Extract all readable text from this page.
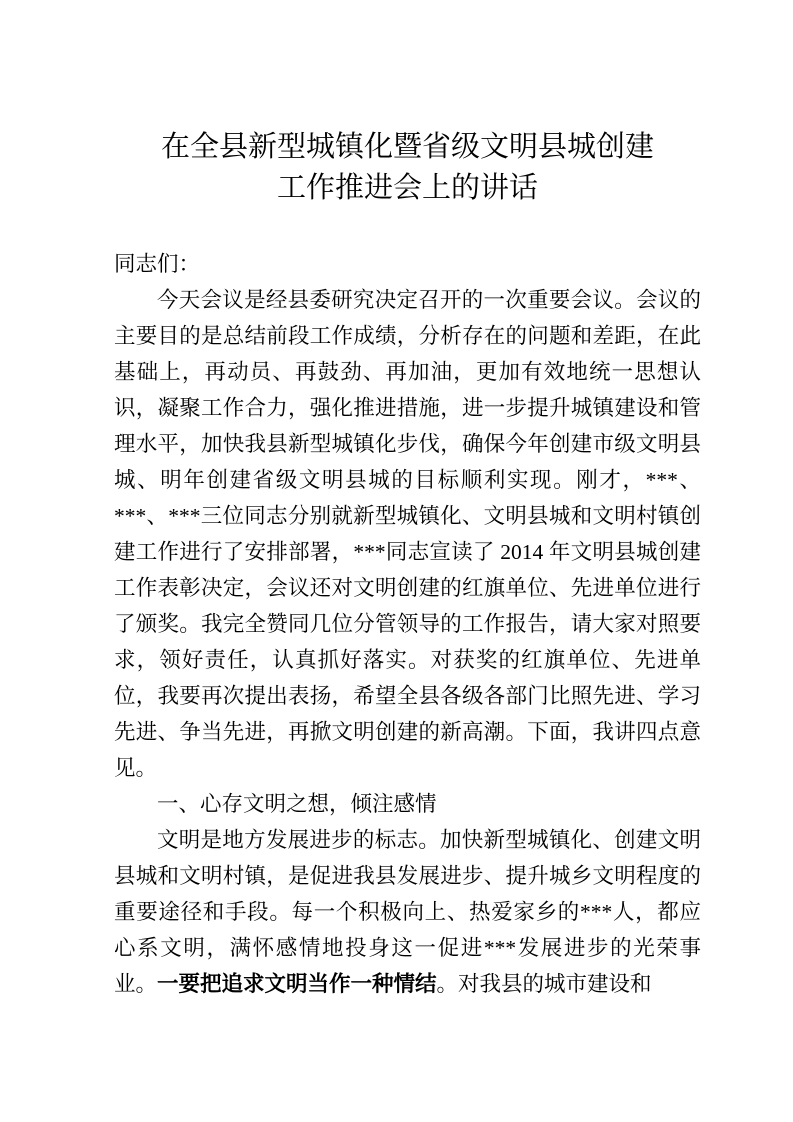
在全县新型城镇化暨省级文明县城创建
工作推进会上的讲话

同志们：

今天会议是经县委研究决定召开的一次重要会议。会议的主要目的是总结前段工作成绩，分析存在的问题和差距，在此基础上，再动员、再鼓劲、再加油，更加有效地统一思想认识，凝聚工作合力，强化推进措施，进一步提升城镇建设和管理水平，加快我县新型城镇化步伐，确保今年创建市级文明县城、明年创建省级文明县城的目标顺利实现。刚才，***、***、***三位同志分别就新型城镇化、文明县城和文明村镇创建工作进行了安排部署，***同志宣读了 2014 年文明县城创建工作表彰决定，会议还对文明创建的红旗单位、先进单位进行了颁奖。我完全赞同几位分管领导的工作报告，请大家对照要求，领好责任，认真抓好落实。对获奖的红旗单位、先进单位，我要再次提出表扬，希望全县各级各部门比照先进、学习先进、争当先进，再掀文明创建的新高潮。下面，我讲四点意见。

一、心存文明之想，倾注感情

文明是地方发展进步的标志。加快新型城镇化、创建文明县城和文明村镇，是促进我县发展进步、提升城乡文明程度的重要途径和手段。每一个积极向上、热爱家乡的***人，都应心系文明，满怀感情地投身这一促进***发展进步的光荣事业。一要把追求文明当作一种情结。对我县的城市建设和
